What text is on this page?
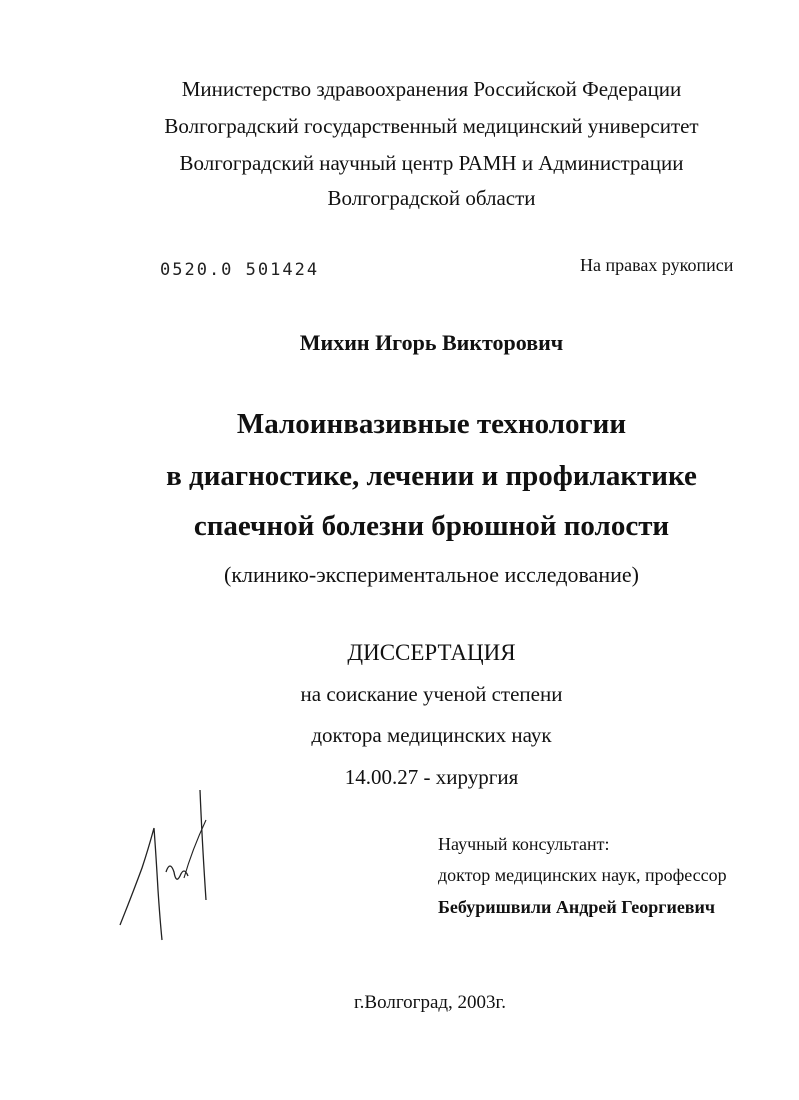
Министерство здравоохранения Российской Федерации
Волгоградский государственный медицинский университет
Волгоградский научный центр РАМН и Администрации
Волгоградской области
0520.0 501424	На правах рукописи
Михин Игорь Викторович
Малоинвазивные технологии
в диагностике, лечении и профилактике
спаечной болезни брюшной полости
(клинико-экспериментальное исследование)
ДИССЕРТАЦИЯ
на соискание ученой степени
доктора медицинских наук
14.00.27 - хирургия
Научный консультант:
доктор медицинских наук, профессор
Бебуришвили Андрей Георгиевич
г.Волгоград, 2003г.
